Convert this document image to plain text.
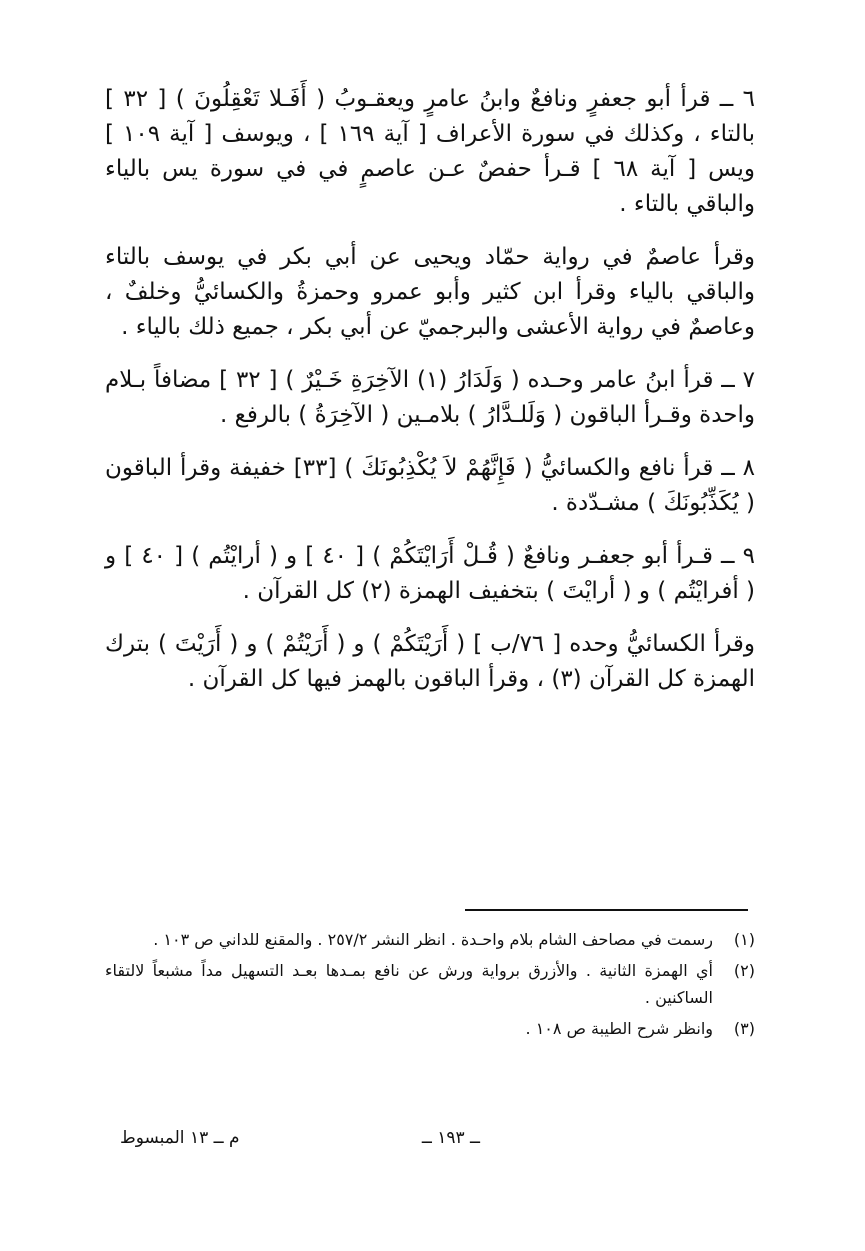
٦ ــ قرأ أبو جعفرٍ ونافعٌ وابنُ عامرٍ ويعقـوبُ ( أَفَـلا تَعْقِلُونَ ) [ ٣٢ ] بالتاء ، وكذلك في سورة الأعراف [ آية ١٦٩ ] ، ويوسف [ آية ١٠٩ ] ويس [ آية ٦٨ ] قـرأ حفصٌ عـن عاصمٍ في في سورة يس بالياء والباقي بالتاء .

وقرأ عاصمٌ في رواية حمّاد ويحيى عن أبي بكر في يوسف بالتاء والباقي بالياء وقرأ ابن كثير وأبو عمرو وحمزةُ والكسائيُّ وخلفٌ ، وعاصمٌ في رواية الأعشى والبرجميّ عن أبي بكر ، جميع ذلك بالياء .

٧ ــ قرأ ابنُ عامر وحـده ( وَلَدَارُ (١) الآخِرَةِ خَـيْرٌ ) [ ٣٢ ] مضافاً بـلام واحدة وقـرأ الباقون ( وَلَلـدَّارُ ) بلامـين ( الآخِرَةُ ) بالرفع .

٨ ــ قرأ نافع والكسائيُّ ( فَإِنَّهُمْ لاَ يُكْذِبُونَكَ ) [٣٣] خفيفة وقرأ الباقون ( يُكَذِّبُونَكَ ) مشـدّدة .

٩ ــ قـرأ أبو جعفـر ونافعٌ ( قُـلْ أَرَايْتَكُمْ ) [ ٤٠ ] و ( أرايْتُم ) [ ٤٠ ] و ( أفرايْتُم ) و ( أرايْتَ ) بتخفيف الهمزة (٢) كل القرآن .

وقرأ الكسائيُّ وحده [ ٧٦/ب ] ( أَرَيْتَكُمْ ) و ( أَرَيْتُمْ ) و ( أَرَيْتَ ) بترك الهمزة كل القرآن (٣) ، وقرأ الباقون بالهمز فيها كل القرآن .

(١)
رسمت في مصاحف الشام بلام واحـدة . انظر النشر ٢٥٧/٢ . والمقنع للداني ص ١٠٣ .
(٢)
أي الهمزة الثانية . والأزرق برواية ورش عن نافع بمـدها بعـد التسهيل مداً مشبعاً لالتقاء الساكنين .
(٣)
وانظر شرح الطيبة ص ١٠٨ .
ــ ١٩٣ ــ
م ــ ١٣ المبسوط
